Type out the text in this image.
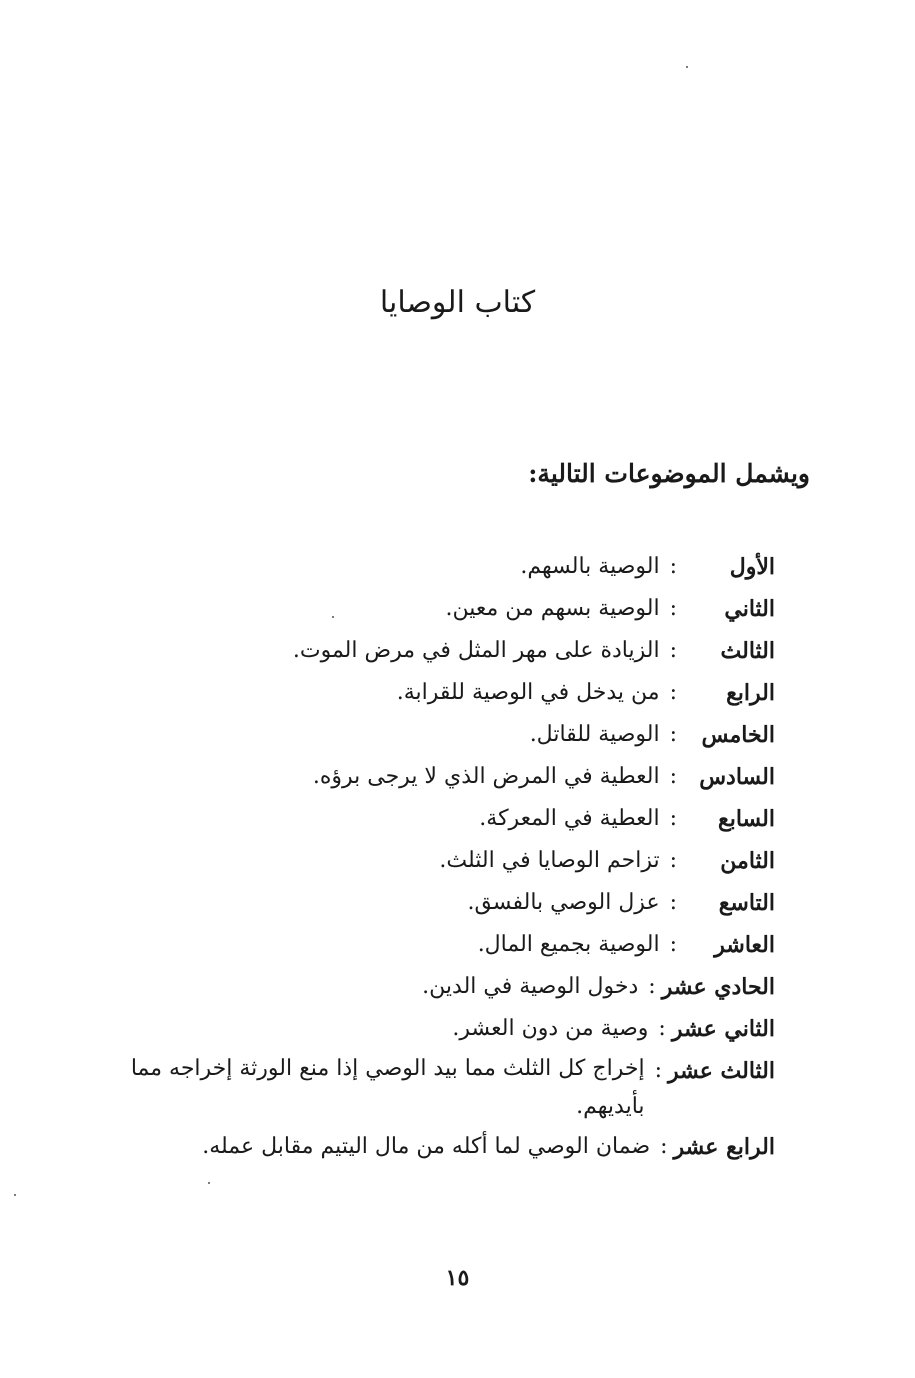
كتاب الوصايا
ويشمل الموضوعات التالية:
الأول
:
الوصية بالسهم.
الثاني
:
الوصية بسهم من معين.
الثالث
:
الزيادة على مهر المثل في مرض الموت.
الرابع
:
من يدخل في الوصية للقرابة.
الخامس
:
الوصية للقاتل.
السادس
:
العطية في المرض الذي لا يرجى برؤه.
السابع
:
العطية في المعركة.
الثامن
:
تزاحم الوصايا في الثلث.
التاسع
:
عزل الوصي بالفسق.
العاشر
:
الوصية بجميع المال.
الحادي عشر
:
دخول الوصية في الدين.
الثاني عشر
:
وصية من دون العشر.
الثالث عشر
:
إخراج كل الثلث مما بيد الوصي إذا منع الورثة إخراجه مما بأيديهم.
الرابع عشر
:
ضمان الوصي لما أكله من مال اليتيم مقابل عمله.
١٥
